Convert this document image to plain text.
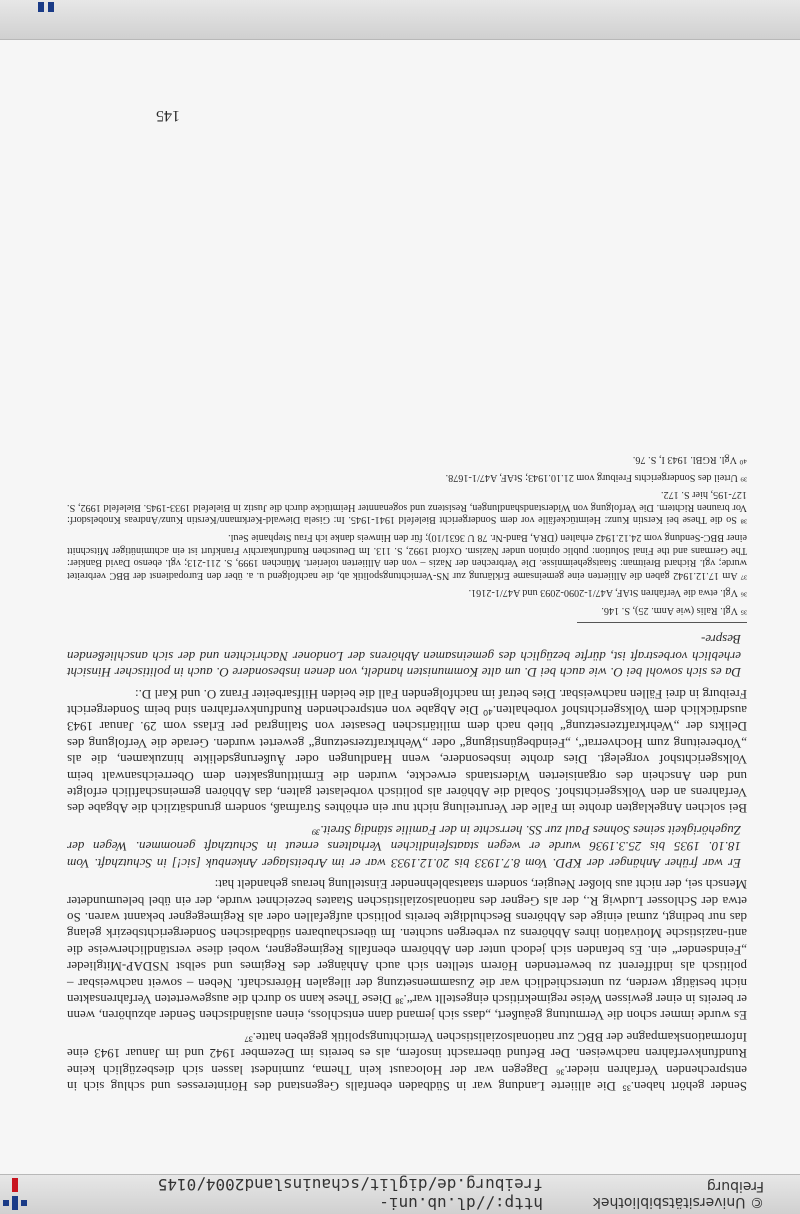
© Universitätsbibliothek Freiburg
http://dl.ub.uni-freiburg.de/diglit/schauinsland2004/0145

Sender gehört haben.³⁵ Die alliierte Landung war in Südbaden ebenfalls Gegenstand des Hörinteresses und schlug sich in entsprechenden Verfahren nieder.³⁶ Dagegen war der Holocaust kein Thema, zumindest lassen sich diesbezüglich keine Rundfunkverfahren nachweisen. Der Befund überrascht insofern, als es bereits im Dezember 1942 und im Januar 1943 eine Informationskampagne der BBC zur nationalsozialistischen Vernichtungspolitik gegeben hatte.³⁷

Es wurde immer schon die Vermutung geäußert, „dass sich jemand dann entschloss, einen ausländischen Sender abzuhören, wenn er bereits in einer gewissen Weise regimekritisch eingestellt war“.³⁸ Diese These kann so durch die ausgewerteten Verfahrensakten nicht bestätigt werden, zu unterschiedlich war die Zusammensetzung der illegalen Hörerschaft. Neben – soweit nachweisbar – politisch als indifferent zu bewertenden Hörern stellten sich auch Anhänger des Regimes und selbst NSDAP-Mitglieder „Feindsender“ ein. Es befanden sich jedoch unter den Abhörern ebenfalls Regimegegner, wobei diese verständlicherweise die anti-nazistische Motivation ihres Abhörens zu verbergen suchten. Im überschaubaren südbadischen Sondergerichtsbezirk gelang das nur bedingt, zumal einige des Abhörens Beschuldigte bereits politisch aufgefallen oder als Regimegegner bekannt waren. So etwa der Schlosser Ludwig R., der als Gegner des nationalsozialistischen Staates bezeichnet wurde, der ein übel beleumundeter Mensch sei, der nicht aus bloßer Neugier, sondern staatsablehnender Einstellung heraus gehandelt hat:

Er war früher Anhänger der KPD. Vom 8.7.1933 bis 20.12.1933 war er im Arbeitslager Ankenbuk [sic!] in Schutzhaft. Vom 18.10. 1935 bis 25.3.1936 wurde er wegen staatsfeindlichen Verhaltens erneut in Schutzhaft genommen. Wegen der Zugehörigkeit seines Sohnes Paul zur SS. herrschte in der Familie ständig Streit.³⁹

Bei solchen Angeklagten drohte im Falle der Verurteilung nicht nur ein erhöhtes Strafmaß, sondern grundsätzlich die Abgabe des Verfahrens an den Volksgerichtshof. Sobald die Abhörer als politisch vorbelastet galten, das Abhören gemeinschaftlich erfolgte und den Anschein des organisierten Widerstands erweckte, wurden die Ermittlungsakten dem Oberreichsanwalt beim Volksgerichtshof vorgelegt. Dies drohte insbesondere, wenn Handlungen oder Äußerungsdelikte hinzukamen, die als „Vorbereitung zum Hochverrat“, „Feindbegünstigung“ oder „Wehrkraftzersetzung“ gewertet wurden. Gerade die Verfolgung des Delikts der „Wehrkraftzersetzung“ blieb nach dem militärischen Desaster von Stalingrad per Erlass vom 29. Januar 1943 ausdrücklich dem Volksgerichtshof vorbehalten.⁴⁰ Die Abgabe von entsprechenden Rundfunkverfahren sind beim Sondergericht Freiburg in drei Fällen nachweisbar. Dies betraf im nachfolgenden Fall die beiden Hilfsarbeiter Franz O. und Karl D.:

Da es sich sowohl bei O. wie auch bei D. um alte Kommunisten handelt, von denen insbesondere O. auch in politischer Hinsicht erheblich vorbestraft ist, dürfte bezüglich des gemeinsamen Abhörens der Londoner Nachrichten und der sich anschließenden Bespre-

³⁵ Vgl. Ralis (wie Anm. 25), S. 146.

³⁶ Vgl. etwa die Verfahren StAF, A47/1-2090-2093 und A47/1-2161.

³⁷ Am 17.12.1942 gaben die Alliierten eine gemeinsame Erklärung zur NS-Vernichtungspolitik ab, die nachfolgend u. a. über den Europadienst der BBC verbreitet wurde; vgl. Richard Breitman: Staatsgeheimnisse. Die Verbrechen der Nazis – von den Alliierten toleriert. München 1999, S. 211-213; vgl. ebenso David Bankier: The Germans and the Final Solution: public opinion under Nazism. Oxford 1992, S. 113. Im Deutschen Rundfunkarchiv Frankfurt ist ein achtminütiger Mitschnitt einer BBC-Sendung vom 24.12.1942 erhalten (DRA, Band-Nr. 78 U 3631/10); für den Hinweis danke ich Frau Stephanie Seul.

³⁸ So die These bei Kerstin Kunz: Heimtückefälle vor dem Sondergericht Bielefeld 1941-1945. In: Gisela Diewald-Kerkmann/Kerstin Kunz/Andreas Knobelsdorf: Vor braunen Richtern. Die Verfolgung von Widerstandshandlungen, Resistenz und sogenannter Heimtücke durch die Justiz in Bielefeld 1933-1945. Bielefeld 1992, S. 127-195, hier S. 172.

³⁹ Urteil des Sondergerichts Freiburg vom 21.10.1943; StAF, A47/1-1678.

⁴⁰ Vgl. RGBl. 1943 I, S. 76.

145
